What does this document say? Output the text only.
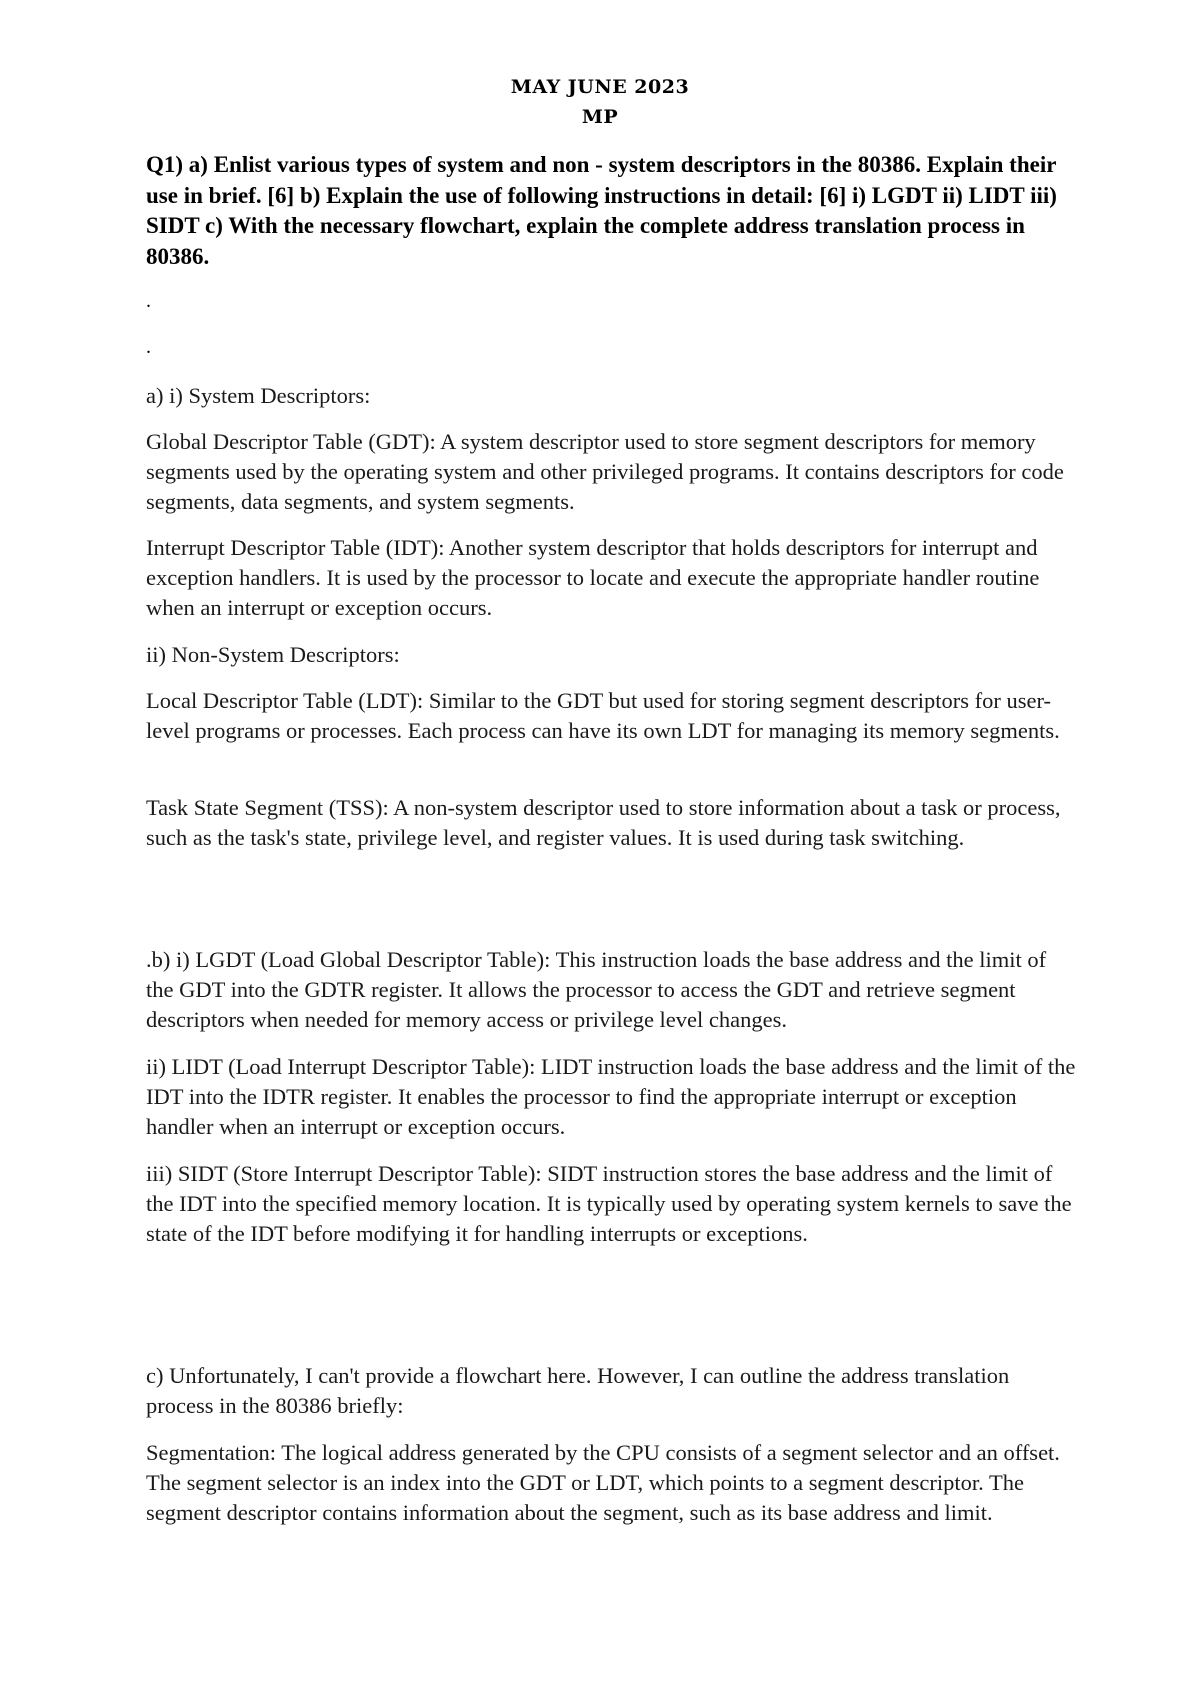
MAY JUNE 2023
MP
Q1) a) Enlist various types of system and non - system descriptors in the 80386. Explain their use in brief. [6] b) Explain the use of following instructions in detail: [6] i) LGDT ii) LIDT iii) SIDT c) With the necessary flowchart, explain the complete address translation process in 80386.
.
.

a) i) System Descriptors:

Global Descriptor Table (GDT): A system descriptor used to store segment descriptors for memory segments used by the operating system and other privileged programs. It contains descriptors for code segments, data segments, and system segments.

Interrupt Descriptor Table (IDT): Another system descriptor that holds descriptors for interrupt and exception handlers. It is used by the processor to locate and execute the appropriate handler routine when an interrupt or exception occurs.

ii) Non-System Descriptors:

Local Descriptor Table (LDT): Similar to the GDT but used for storing segment descriptors for user-level programs or processes. Each process can have its own LDT for managing its memory segments.

Task State Segment (TSS): A non-system descriptor used to store information about a task or process, such as the task's state, privilege level, and register values. It is used during task switching.

.b) i) LGDT (Load Global Descriptor Table): This instruction loads the base address and the limit of the GDT into the GDTR register. It allows the processor to access the GDT and retrieve segment descriptors when needed for memory access or privilege level changes.

ii) LIDT (Load Interrupt Descriptor Table): LIDT instruction loads the base address and the limit of the IDT into the IDTR register. It enables the processor to find the appropriate interrupt or exception handler when an interrupt or exception occurs.

iii) SIDT (Store Interrupt Descriptor Table): SIDT instruction stores the base address and the limit of the IDT into the specified memory location. It is typically used by operating system kernels to save the state of the IDT before modifying it for handling interrupts or exceptions.

c) Unfortunately, I can't provide a flowchart here. However, I can outline the address translation process in the 80386 briefly:

Segmentation: The logical address generated by the CPU consists of a segment selector and an offset. The segment selector is an index into the GDT or LDT, which points to a segment descriptor. The segment descriptor contains information about the segment, such as its base address and limit.
